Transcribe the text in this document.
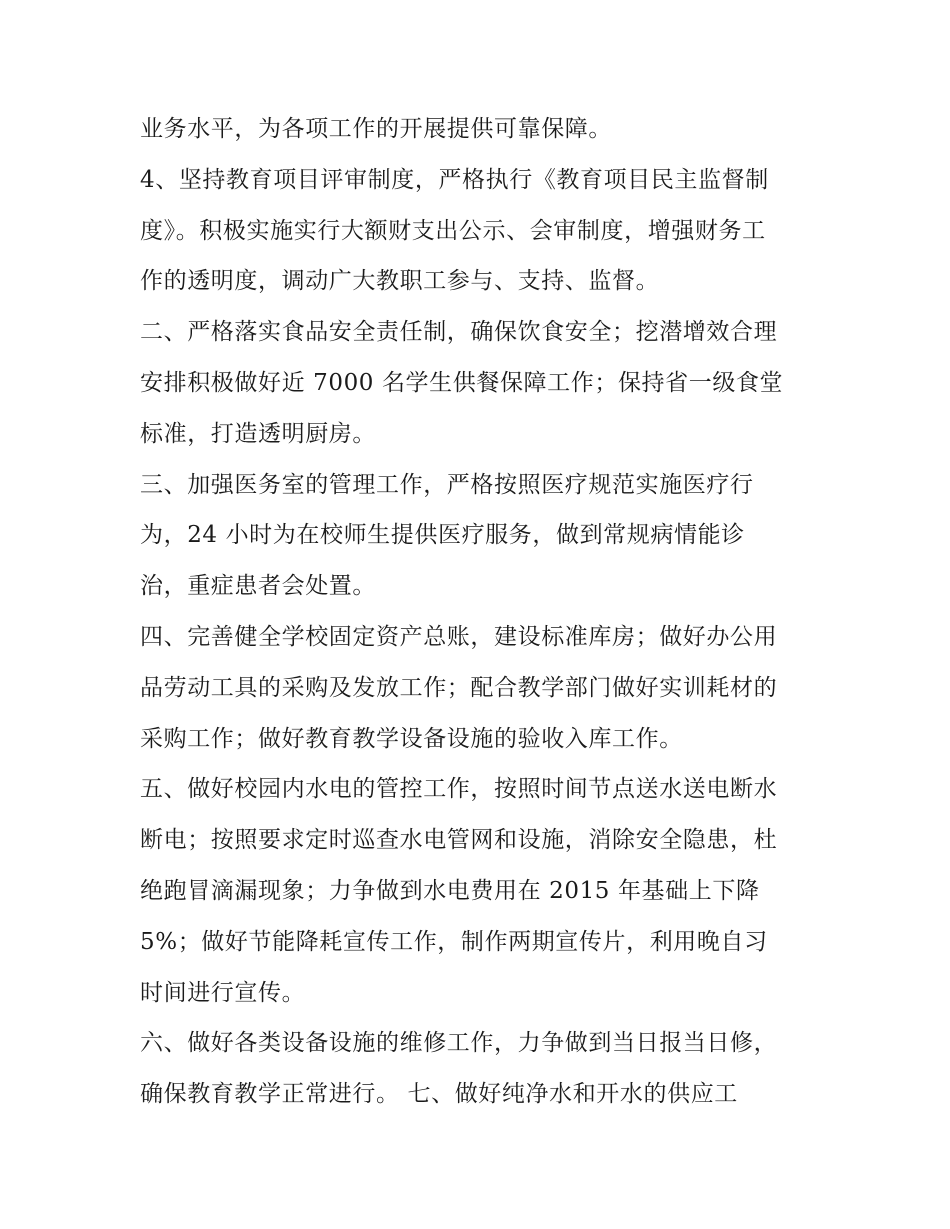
业务水平，为各项工作的开展提供可靠保障。
4、坚持教育项目评审制度，严格执行《教育项目民主监督制
度》。积极实施实行大额财支出公示、会审制度，增强财务工
作的透明度，调动广大教职工参与、支持、监督。
二、严格落实食品安全责任制，确保饮食安全；挖潜增效合理
安排积极做好近 7000 名学生供餐保障工作；保持省一级食堂
标准，打造透明厨房。
三、加强医务室的管理工作，严格按照医疗规范实施医疗行
为，24 小时为在校师生提供医疗服务，做到常规病情能诊
治，重症患者会处置。
四、完善健全学校固定资产总账，建设标准库房；做好办公用
品劳动工具的采购及发放工作；配合教学部门做好实训耗材的
采购工作；做好教育教学设备设施的验收入库工作。
五、做好校园内水电的管控工作，按照时间节点送水送电断水
断电；按照要求定时巡查水电管网和设施，消除安全隐患，杜
绝跑冒滴漏现象；力争做到水电费用在 2015 年基础上下降
5%；做好节能降耗宣传工作，制作两期宣传片，利用晚自习
时间进行宣传。
六、做好各类设备设施的维修工作，力争做到当日报当日修，
确保教育教学正常进行。 七、做好纯净水和开水的供应工
